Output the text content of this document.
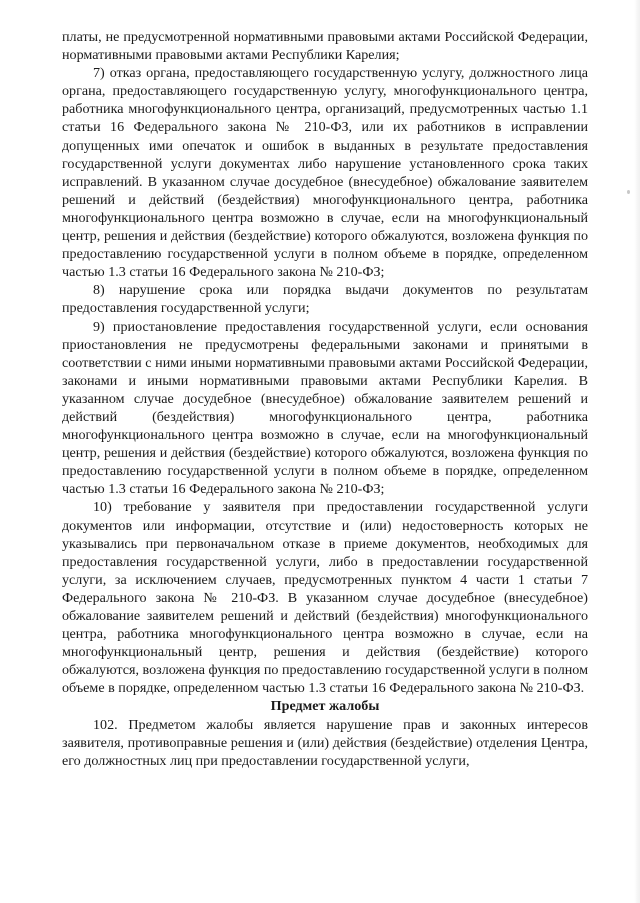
платы, не предусмотренной нормативными правовыми актами Российской Федерации, нормативными правовыми актами Республики Карелия;

7) отказ органа, предоставляющего государственную услугу, должностного лица органа, предоставляющего государственную услугу, многофункционального центра, работника многофункционального центра, организаций, предусмотренных частью 1.1 статьи 16 Федерального закона № 210-ФЗ, или их работников в исправлении допущенных ими опечаток и ошибок в выданных в результате предоставления государственной услуги документах либо нарушение установленного срока таких исправлений. В указанном случае досудебное (внесудебное) обжалование заявителем решений и действий (бездействия) многофункционального центра, работника многофункционального центра возможно в случае, если на многофункциональный центр, решения и действия (бездействие) которого обжалуются, возложена функция по предоставлению государственной услуги в полном объеме в порядке, определенном частью 1.3 статьи 16 Федерального закона № 210-ФЗ;

8) нарушение срока или порядка выдачи документов по результатам предоставления государственной услуги;

9) приостановление предоставления государственной услуги, если основания приостановления не предусмотрены федеральными законами и принятыми в соответствии с ними иными нормативными правовыми актами Российской Федерации, законами и иными нормативными правовыми актами Республики Карелия. В указанном случае досудебное (внесудебное) обжалование заявителем решений и действий (бездействия) многофункционального центра, работника многофункционального центра возможно в случае, если на многофункциональный центр, решения и действия (бездействие) которого обжалуются, возложена функция по предоставлению государственной услуги в полном объеме в порядке, определенном частью 1.3 статьи 16 Федерального закона № 210-ФЗ;

10) требование у заявителя при предоставлении государственной услуги документов или информации, отсутствие и (или) недостоверность которых не указывались при первоначальном отказе в приеме документов, необходимых для предоставления государственной услуги, либо в предоставлении государственной услуги, за исключением случаев, предусмотренных пунктом 4 части 1 статьи 7 Федерального закона № 210-ФЗ. В указанном случае досудебное (внесудебное) обжалование заявителем решений и действий (бездействия) многофункционального центра, работника многофункционального центра возможно в случае, если на многофункциональный центр, решения и действия (бездействие) которого обжалуются, возложена функция по предоставлению государственной услуги в полном объеме в порядке, определенном частью 1.3 статьи 16 Федерального закона № 210-ФЗ.

Предмет жалобы

102. Предметом жалобы является нарушение прав и законных интересов заявителя, противоправные решения и (или) действия (бездействие) отделения Центра, его должностных лиц при предоставлении государственной услуги,
